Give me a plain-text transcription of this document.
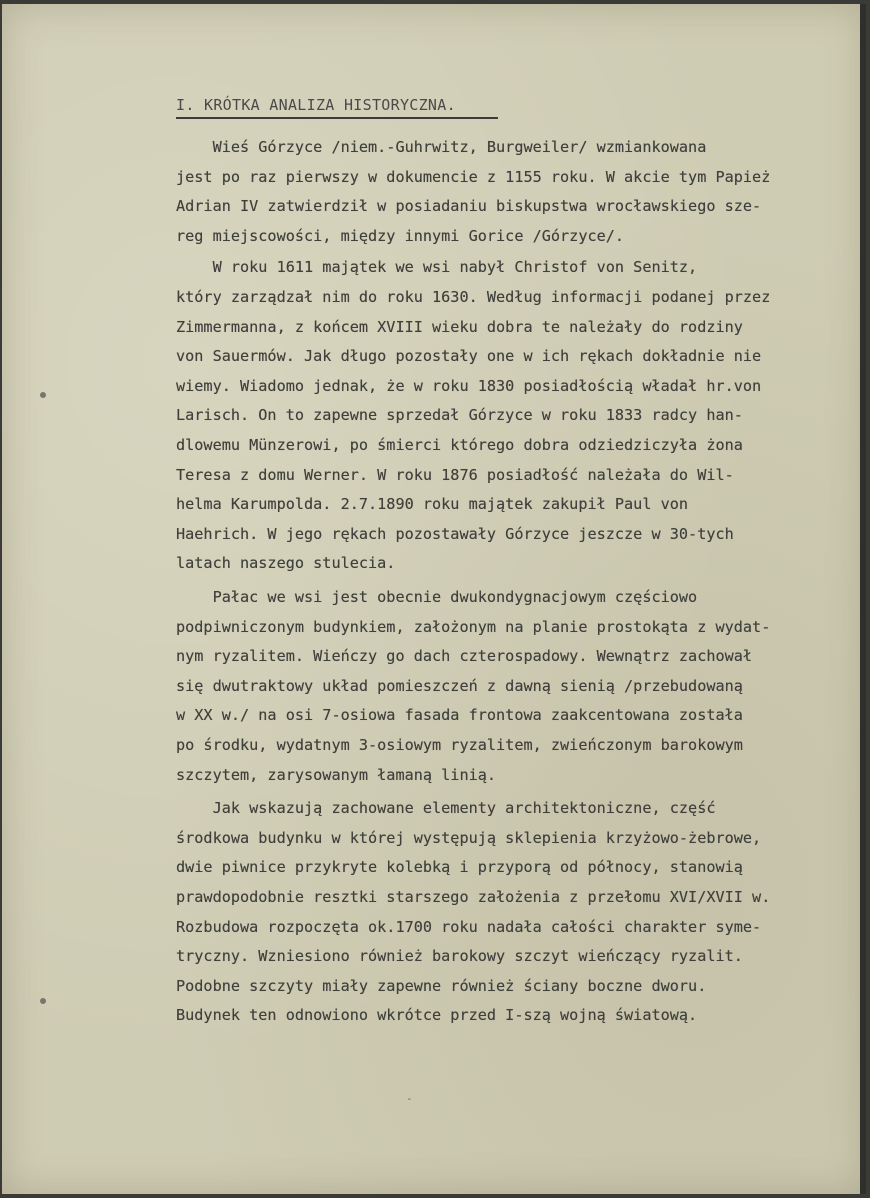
I. KRÓTKA ANALIZA HISTORYCZNA.
Wieś Górzyce /niem.-Guhrwitz, Burgweiler/ wzmiankowana
jest po raz pierwszy w dokumencie z 1155 roku. W akcie tym Papież
Adrian IV zatwierdził w posiadaniu biskupstwa wrocławskiego sze-
reg miejscowości, między innymi Gorice /Górzyce/.
W roku 1611 majątek we wsi nabył Christof von Senitz,
który zarządzał nim do roku 1630. Według informacji podanej przez
Zimmermanna, z końcem XVIII wieku dobra te należały do rodziny
von Sauermów. Jak długo pozostały one w ich rękach dokładnie nie
wiemy. Wiadomo jednak, że w roku 1830 posiadłością władał hr.von
Larisch. On to zapewne sprzedał Górzyce w roku 1833 radcy han-
dlowemu Münzerowi, po śmierci którego dobra odziedziczyła żona
Teresa z domu Werner. W roku 1876 posiadłość należała do Wil-
helma Karumpolda. 2.7.1890 roku majątek zakupił Paul von
Haehrich. W jego rękach pozostawały Górzyce jeszcze w 30-tych
latach naszego stulecia.
Pałac we wsi jest obecnie dwukondygnacjowym częściowo
podpiwniczonym budynkiem, założonym na planie prostokąta z wydat-
nym ryzalitem. Wieńczy go dach czterospadowy. Wewnątrz zachował
się dwutraktowy układ pomieszczeń z dawną sienią /przebudowaną
w XX w./ na osi 7-osiowa fasada frontowa zaakcentowana została
po środku, wydatnym 3-osiowym ryzalitem, zwieńczonym barokowym
szczytem, zarysowanym łamaną linią.
Jak wskazują zachowane elementy architektoniczne, część
środkowa budynku w której występują sklepienia krzyżowo-żebrowe,
dwie piwnice przykryte kolebką i przyporą od północy, stanowią
prawdopodobnie resztki starszego założenia z przełomu XVI/XVII w.
Rozbudowa rozpoczęta ok.1700 roku nadała całości charakter syme-
tryczny. Wzniesiono również barokowy szczyt wieńczący ryzalit.
Podobne szczyty miały zapewne również ściany boczne dworu.
Budynek ten odnowiono wkrótce przed I-szą wojną światową.
-
